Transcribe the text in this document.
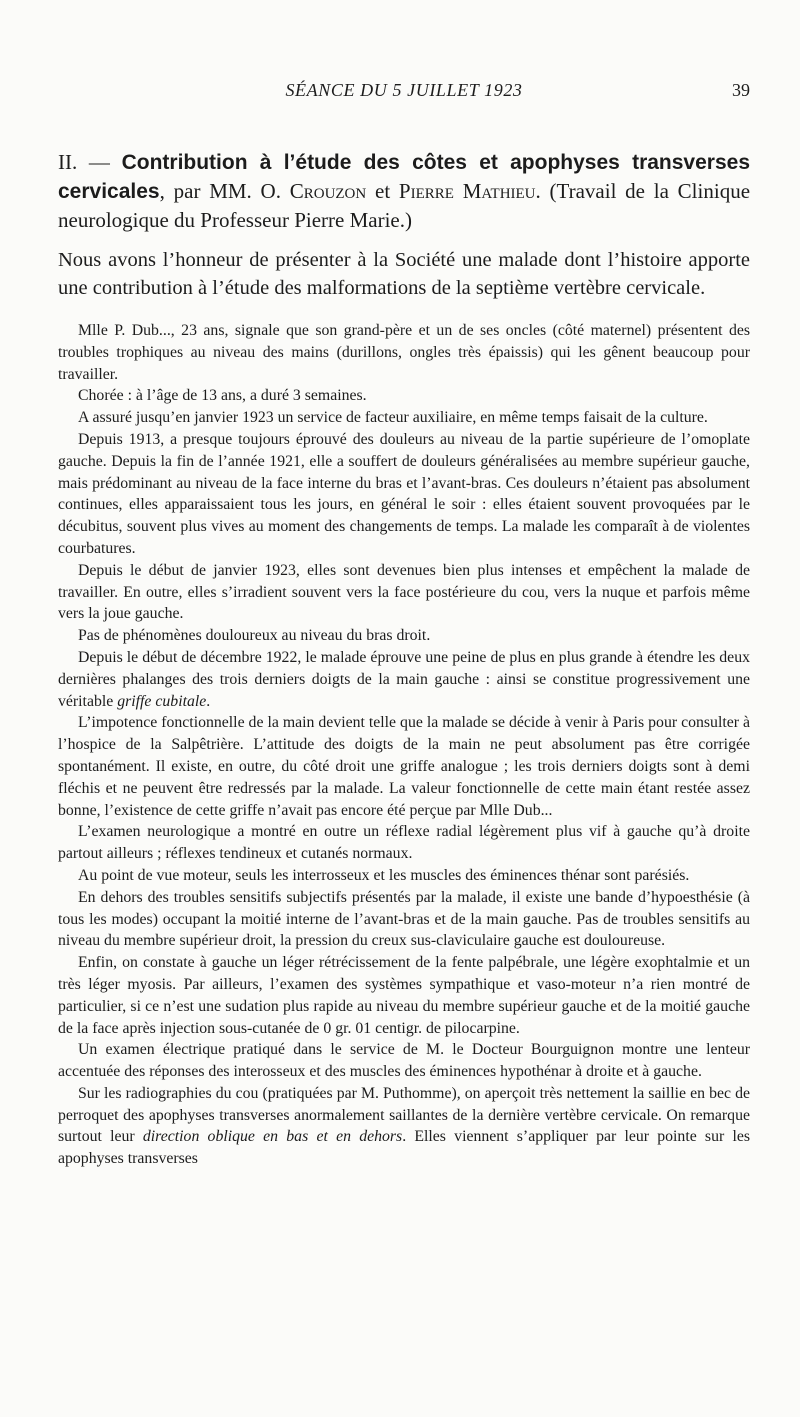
SÉANCE DU 5 JUILLET 1923	39
II. — Contribution à l’étude des côtes et apophyses transverses cervicales, par MM. O. Crouzon et Pierre Mathieu. (Travail de la Clinique neurologique du Professeur Pierre Marie.)

Nous avons l’honneur de présenter à la Société une malade dont l’histoire apporte une contribution à l’étude des malformations de la septième vertèbre cervicale.

Mlle P. Dub..., 23 ans, signale que son grand-père et un de ses oncles (côté maternel) présentent des troubles trophiques au niveau des mains (durillons, ongles très épaissis) qui les gênent beaucoup pour travailler.

Chorée : à l’âge de 13 ans, a duré 3 semaines.

A assuré jusqu’en janvier 1923 un service de facteur auxiliaire, en même temps faisait de la culture.

Depuis 1913, a presque toujours éprouvé des douleurs au niveau de la partie supérieure de l’omoplate gauche. Depuis la fin de l’année 1921, elle a souffert de douleurs généralisées au membre supérieur gauche, mais prédominant au niveau de la face interne du bras et l’avant-bras. Ces douleurs n’étaient pas absolument continues, elles apparaissaient tous les jours, en général le soir : elles étaient souvent provoquées par le décubitus, souvent plus vives au moment des changements de temps. La malade les comparaît à de violentes courbatures.

Depuis le début de janvier 1923, elles sont devenues bien plus intenses et empêchent la malade de travailler. En outre, elles s’irradient souvent vers la face postérieure du cou, vers la nuque et parfois même vers la joue gauche.

Pas de phénomènes douloureux au niveau du bras droit.

Depuis le début de décembre 1922, le malade éprouve une peine de plus en plus grande à étendre les deux dernières phalanges des trois derniers doigts de la main gauche : ainsi se constitue progressivement une véritable griffe cubitale.

L’impotence fonctionnelle de la main devient telle que la malade se décide à venir à Paris pour consulter à l’hospice de la Salpêtrière. L’attitude des doigts de la main ne peut absolument pas être corrigée spontanément. Il existe, en outre, du côté droit une griffe analogue ; les trois derniers doigts sont à demi fléchis et ne peuvent être redressés par la malade. La valeur fonctionnelle de cette main étant restée assez bonne, l’existence de cette griffe n’avait pas encore été perçue par Mlle Dub...

L’examen neurologique a montré en outre un réflexe radial légèrement plus vif à gauche qu’à droite partout ailleurs ; réflexes tendineux et cutanés normaux.

Au point de vue moteur, seuls les interrosseux et les muscles des éminences thénar sont parésiés.

En dehors des troubles sensitifs subjectifs présentés par la malade, il existe une bande d’hypoesthésie (à tous les modes) occupant la moitié interne de l’avant-bras et de la main gauche. Pas de troubles sensitifs au niveau du membre supérieur droit, la pression du creux sus-claviculaire gauche est douloureuse.

Enfin, on constate à gauche un léger rétrécissement de la fente palpébrale, une légère exophtalmie et un très léger myosis. Par ailleurs, l’examen des systèmes sympathique et vaso-moteur n’a rien montré de particulier, si ce n’est une sudation plus rapide au niveau du membre supérieur gauche et de la moitié gauche de la face après injection sous-cutanée de 0 gr. 01 centigr. de pilocarpine.

Un examen électrique pratiqué dans le service de M. le Docteur Bourguignon montre une lenteur accentuée des réponses des interosseux et des muscles des éminences hypothénar à droite et à gauche.

Sur les radiographies du cou (pratiquées par M. Puthomme), on aperçoit très nettement la saillie en bec de perroquet des apophyses transverses anormalement saillantes de la dernière vertèbre cervicale. On remarque surtout leur direction oblique en bas et en dehors. Elles viennent s’appliquer par leur pointe sur les apophyses transverses
